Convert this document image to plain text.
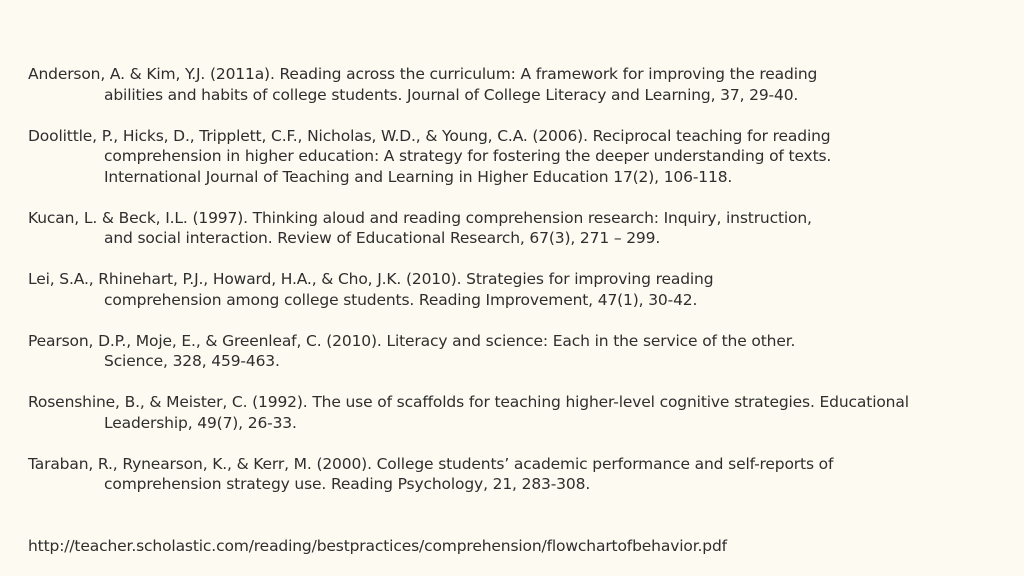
Anderson, A. & Kim, Y.J. (2011a). Reading across the curriculum: A framework for improving the reading
abilities and habits of college students. Journal of College Literacy and Learning, 37, 29-40.
Doolittle, P., Hicks, D., Tripplett, C.F., Nicholas, W.D., & Young, C.A. (2006). Reciprocal teaching for reading
comprehension in higher education: A strategy for fostering the deeper understanding of texts.
International Journal of Teaching and Learning in Higher Education 17(2), 106-118.
Kucan, L. & Beck, I.L. (1997). Thinking aloud and reading comprehension research: Inquiry, instruction,
and social interaction. Review of Educational Research, 67(3), 271 – 299.
Lei, S.A., Rhinehart, P.J., Howard, H.A., & Cho, J.K. (2010). Strategies for improving reading
comprehension among college students. Reading Improvement, 47(1), 30-42.
Pearson, D.P., Moje, E., & Greenleaf, C. (2010). Literacy and science: Each in the service of the other.
Science, 328, 459-463.
Rosenshine, B., & Meister, C. (1992). The use of scaffolds for teaching higher-level cognitive strategies. Educational
Leadership, 49(7), 26-33.
Taraban, R., Rynearson, K., & Kerr, M. (2000). College students’ academic performance and self-reports of
comprehension strategy use. Reading Psychology, 21, 283-308.
http://teacher.scholastic.com/reading/bestpractices/comprehension/flowchartofbehavior.pdf
